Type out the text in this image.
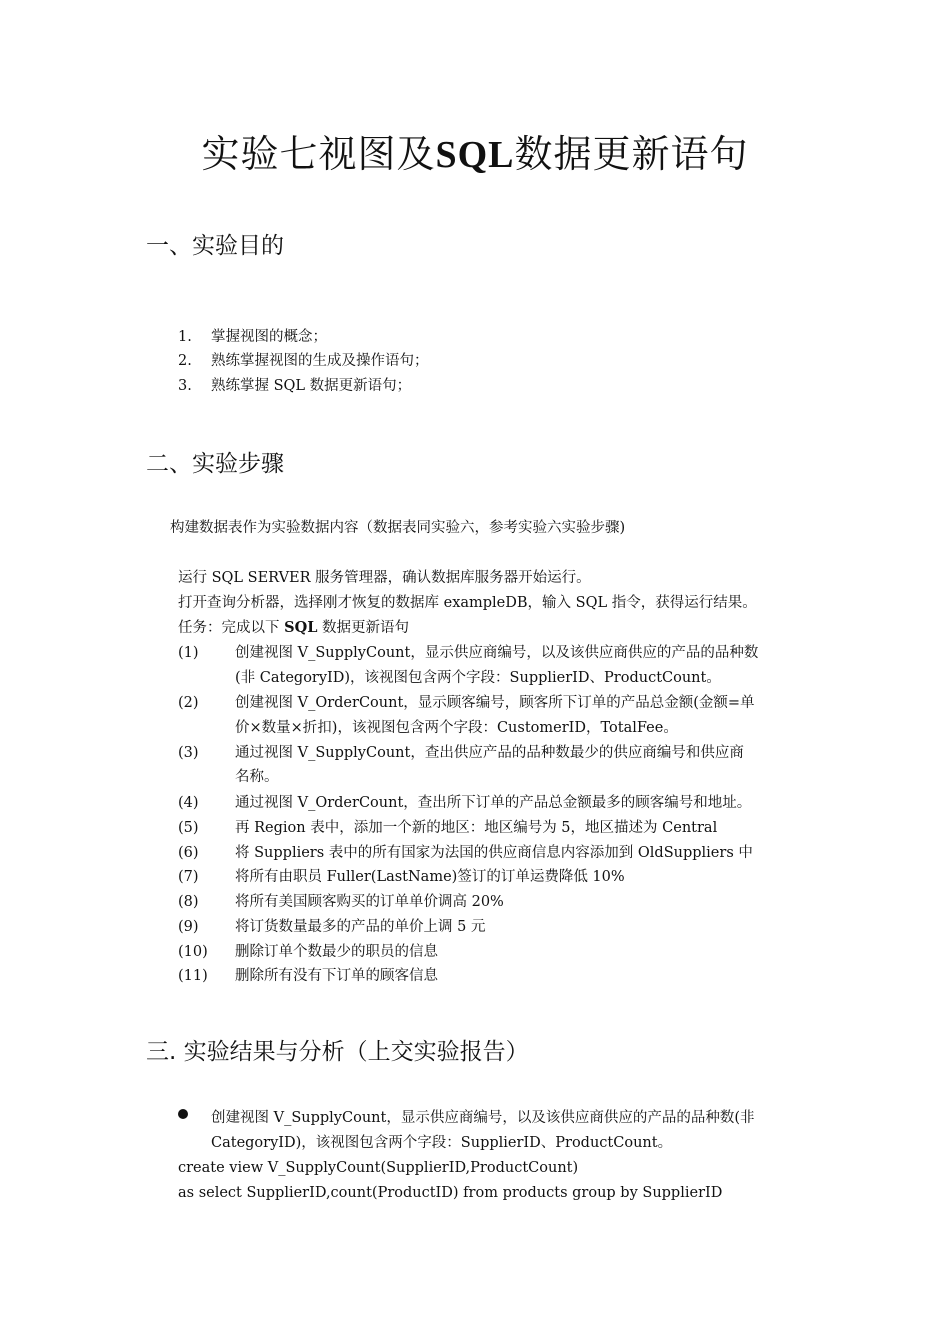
实验七视图及SQL数据更新语句
一、实验目的
1. 掌握视图的概念；
2. 熟练掌握视图的生成及操作语句；
3. 熟练掌握 SQL 数据更新语句；
二、实验步骤
构建数据表作为实验数据内容（数据表同实验六，参考实验六实验步骤)
运行 SQL SERVER 服务管理器，确认数据库服务器开始运行。
打开查询分析器，选择刚才恢复的数据库 exampleDB，输入 SQL 指令，获得运行结果。
任务：完成以下 SQL 数据更新语句
(1)	创建视图 V_SupplyCount，显示供应商编号，以及该供应商供应的产品的品种数
(非 CategoryID)，该视图包含两个字段：SupplierID、ProductCount。
(2)	创建视图 V_OrderCount，显示顾客编号，顾客所下订单的产品总金额(金额=单
价×数量×折扣)，该视图包含两个字段：CustomerID，TotalFee。
(3)	通过视图 V_SupplyCount，查出供应产品的品种数最少的供应商编号和供应商
名称。
(4)	通过视图 V_OrderCount，查出所下订单的产品总金额最多的顾客编号和地址。
(5)	再 Region 表中，添加一个新的地区：地区编号为 5，地区描述为 Central
(6)	将 Suppliers 表中的所有国家为法国的供应商信息内容添加到 OldSuppliers 中
(7)	将所有由职员 Fuller(LastName)签订的订单运费降低 10%
(8)	将所有美国顾客购买的订单单价调高 20%
(9)	将订货数量最多的产品的单价上调 5 元
(10) 删除订单个数最少的职员的信息
(11) 删除所有没有下订单的顾客信息
三. 实验结果与分析（上交实验报告）
创建视图 V_SupplyCount，显示供应商编号，以及该供应商供应的产品的品种数(非
CategoryID)，该视图包含两个字段：SupplierID、ProductCount。
create view V_SupplyCount(SupplierID,ProductCount)
as select SupplierID,count(ProductID) from products group by SupplierID
